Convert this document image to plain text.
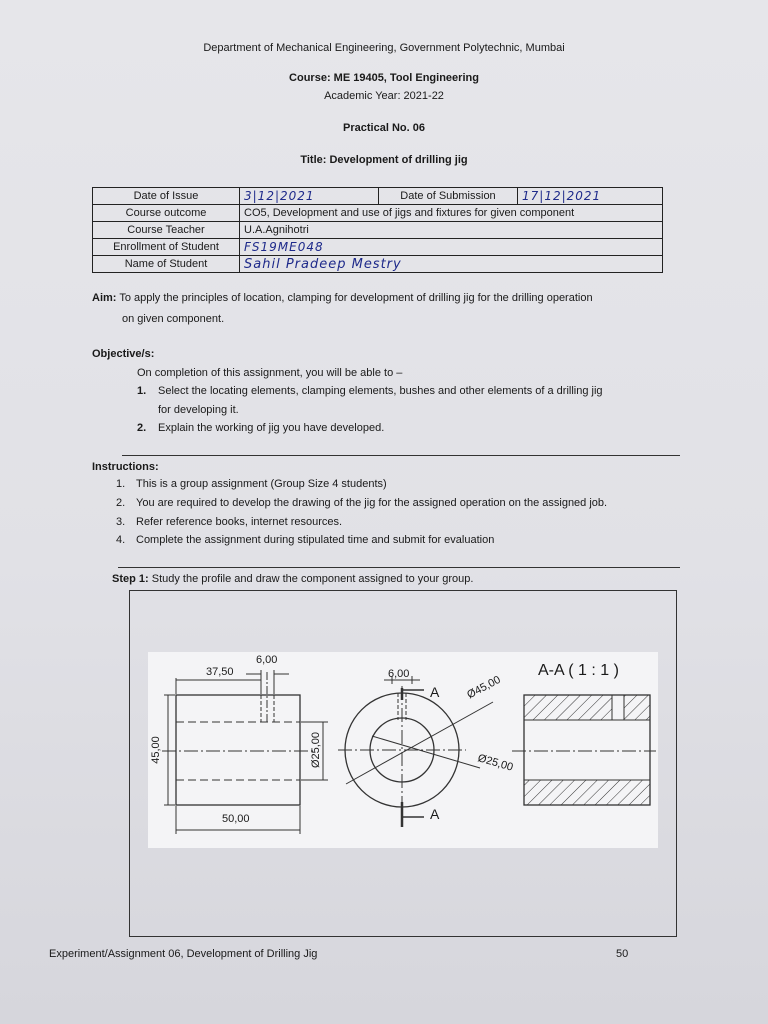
Department of Mechanical Engineering, Government Polytechnic, Mumbai
Course: ME 19405, Tool Engineering
Academic Year: 2021-22
Practical No. 06
Title: Development of drilling jig
Date of Issue	3|12|2021	Date of Submission	17|12|2021
Course outcome	CO5, Development and use of jigs and fixtures for given component		
Course Teacher	U.A.Agnihotri		
Enrollment of Student	FS19ME048		
Name of Student	Sahil Pradeep Mestry		
Aim: To apply the principles of location, clamping for development of drilling jig for the drilling operation
on given component.
Objective/s:
On completion of this assignment, you will be able to –
1. Select the locating elements, clamping elements, bushes and other elements of a drilling jig
for developing it.
2. Explain the working of jig you have developed.
Instructions:
1. This is a group assignment (Group Size 4 students)
2. You are required to develop the drawing of the jig for the assigned operation on the assigned job.
3. Refer reference books, internet resources.
4. Complete the assignment during stipulated time and submit for evaluation
Step 1: Study the profile and draw the component assigned to your group.
6,00
37,50
45,00	Ø25,00
50,00
6,00
A
A
Ø45,00
Ø25,00
A-A ( 1 : 1 )
Experiment/Assignment 06, Development of Drilling Jig	50
